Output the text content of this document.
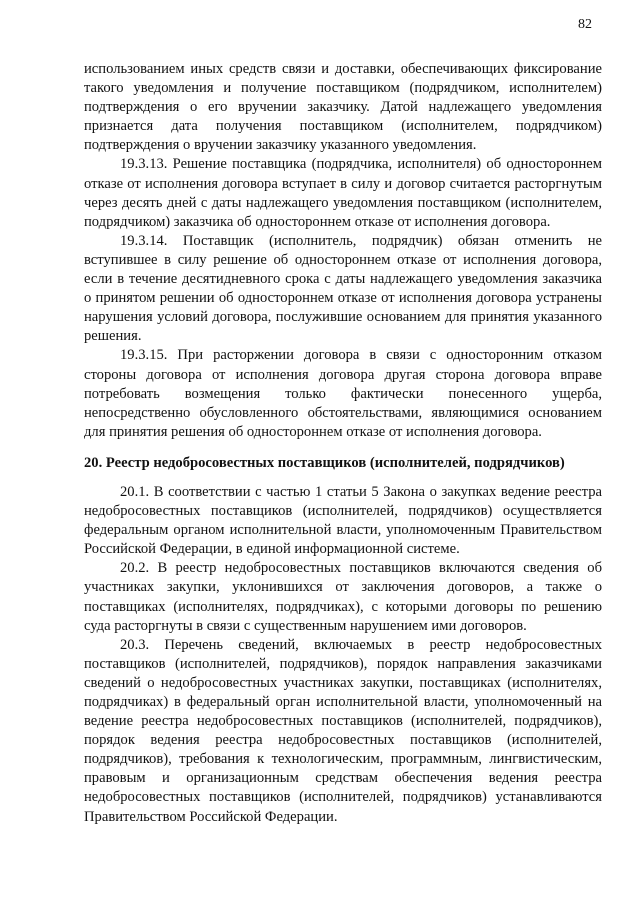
82

использованием иных средств связи и доставки, обеспечивающих фиксирование такого уведомления и получение поставщиком (подрядчиком, исполнителем) подтверждения о его вручении заказчику. Датой надлежащего уведомления признается дата получения поставщиком (исполнителем, подрядчиком) подтверждения о вручении заказчику указанного уведомления.

19.3.13. Решение поставщика (подрядчика, исполнителя) об одностороннем отказе от исполнения договора вступает в силу и договор считается расторгнутым через десять дней с даты надлежащего уведомления поставщиком (исполнителем, подрядчиком) заказчика об одностороннем отказе от исполнения договора.

19.3.14. Поставщик (исполнитель, подрядчик) обязан отменить не вступившее в силу решение об одностороннем отказе от исполнения договора, если в течение десятидневного срока с даты надлежащего уведомления заказчика о принятом решении об одностороннем отказе от исполнения договора устранены нарушения условий договора, послужившие основанием для принятия указанного решения.

19.3.15. При расторжении договора в связи с односторонним отказом стороны договора от исполнения договора другая сторона договора вправе потребовать возмещения только фактически понесенного ущерба, непосредственно обусловленного обстоятельствами, являющимися основанием для принятия решения об одностороннем отказе от исполнения договора.

20. Реестр недобросовестных поставщиков (исполнителей, подрядчиков)

20.1. В соответствии с частью 1 статьи 5 Закона о закупках ведение реестра недобросовестных поставщиков (исполнителей, подрядчиков) осуществляется федеральным органом исполнительной власти, уполномоченным Правительством Российской Федерации, в единой информационной системе.

20.2. В реестр недобросовестных поставщиков включаются сведения об участниках закупки, уклонившихся от заключения договоров, а также о поставщиках (исполнителях, подрядчиках), с которыми договоры по решению суда расторгнуты в связи с существенным нарушением ими договоров.

20.3. Перечень сведений, включаемых в реестр недобросовестных поставщиков (исполнителей, подрядчиков), порядок направления заказчиками сведений о недобросовестных участниках закупки, поставщиках (исполнителях, подрядчиках) в федеральный орган исполнительной власти, уполномоченный на ведение реестра недобросовестных поставщиков (исполнителей, подрядчиков), порядок ведения реестра недобросовестных поставщиков (исполнителей, подрядчиков), требования к технологическим, программным, лингвистическим, правовым и организационным средствам обеспечения ведения реестра недобросовестных поставщиков (исполнителей, подрядчиков) устанавливаются Правительством Российской Федерации.
